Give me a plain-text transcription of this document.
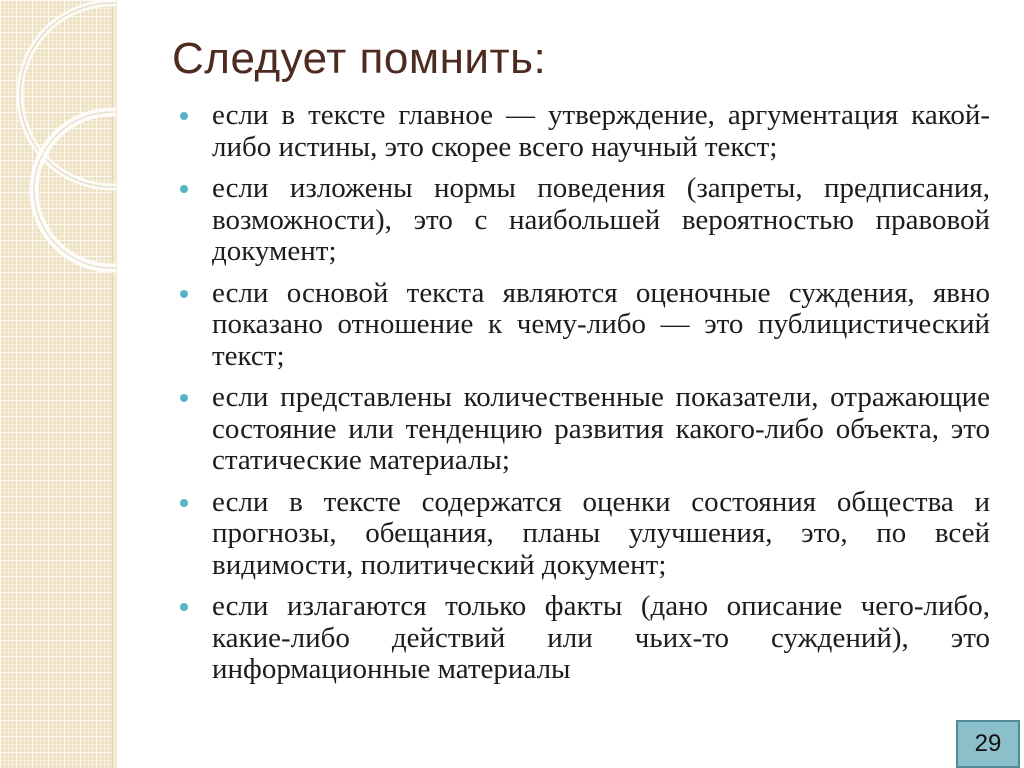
Следует помнить:
если в тексте главное — утверждение, аргументация какой-либо истины, это скорее всего научный текст;
если изложены нормы поведения (запреты, предписания, возможности), это с наибольшей вероятностью правовой документ;
если основой текста являются оценочные суждения, явно показано отношение к чему-либо — это публицистический текст;
если представлены количественные показатели, отражающие состояние или тенденцию развития какого-либо объекта, это статические материалы;
если в тексте содержатся оценки состояния общества и прогнозы, обещания, планы улучшения, это, по всей видимости, политический документ;
если излагаются только факты (дано описание чего-либо, какие-либо действий или чьих-то суждений), это информационные материалы
29
